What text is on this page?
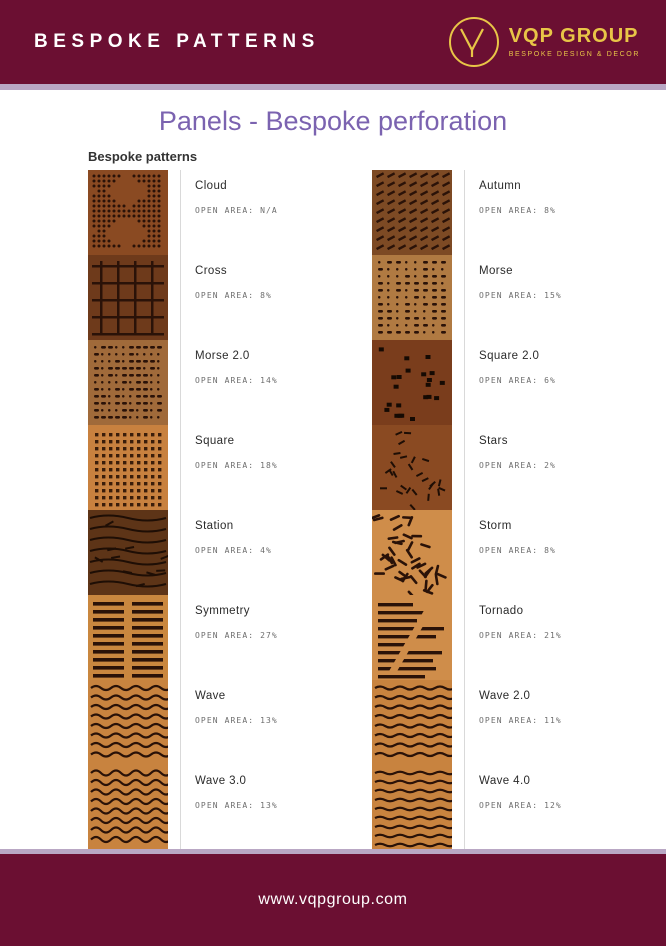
BESPOKE PATTERNS	VQP GROUP
BESPOKE DESIGN & DECOR
Panels - Bespoke perforation
Bespoke patterns
Cloud
OPEN AREA: N/A
Cross
OPEN AREA: 8%
Morse 2.0
OPEN AREA: 14%
Square
OPEN AREA: 18%
Station
OPEN AREA: 4%
Symmetry
OPEN AREA: 27%
Wave
OPEN AREA: 13%
Wave 3.0
OPEN AREA: 13%
Autumn
OPEN AREA: 8%
Morse
OPEN AREA: 15%
Square 2.0
OPEN AREA: 6%
Stars
OPEN AREA: 2%
Storm
OPEN AREA: 8%
Tornado
OPEN AREA: 21%
Wave 2.0
OPEN AREA: 11%
Wave 4.0
OPEN AREA: 12%
www.vqpgroup.com
